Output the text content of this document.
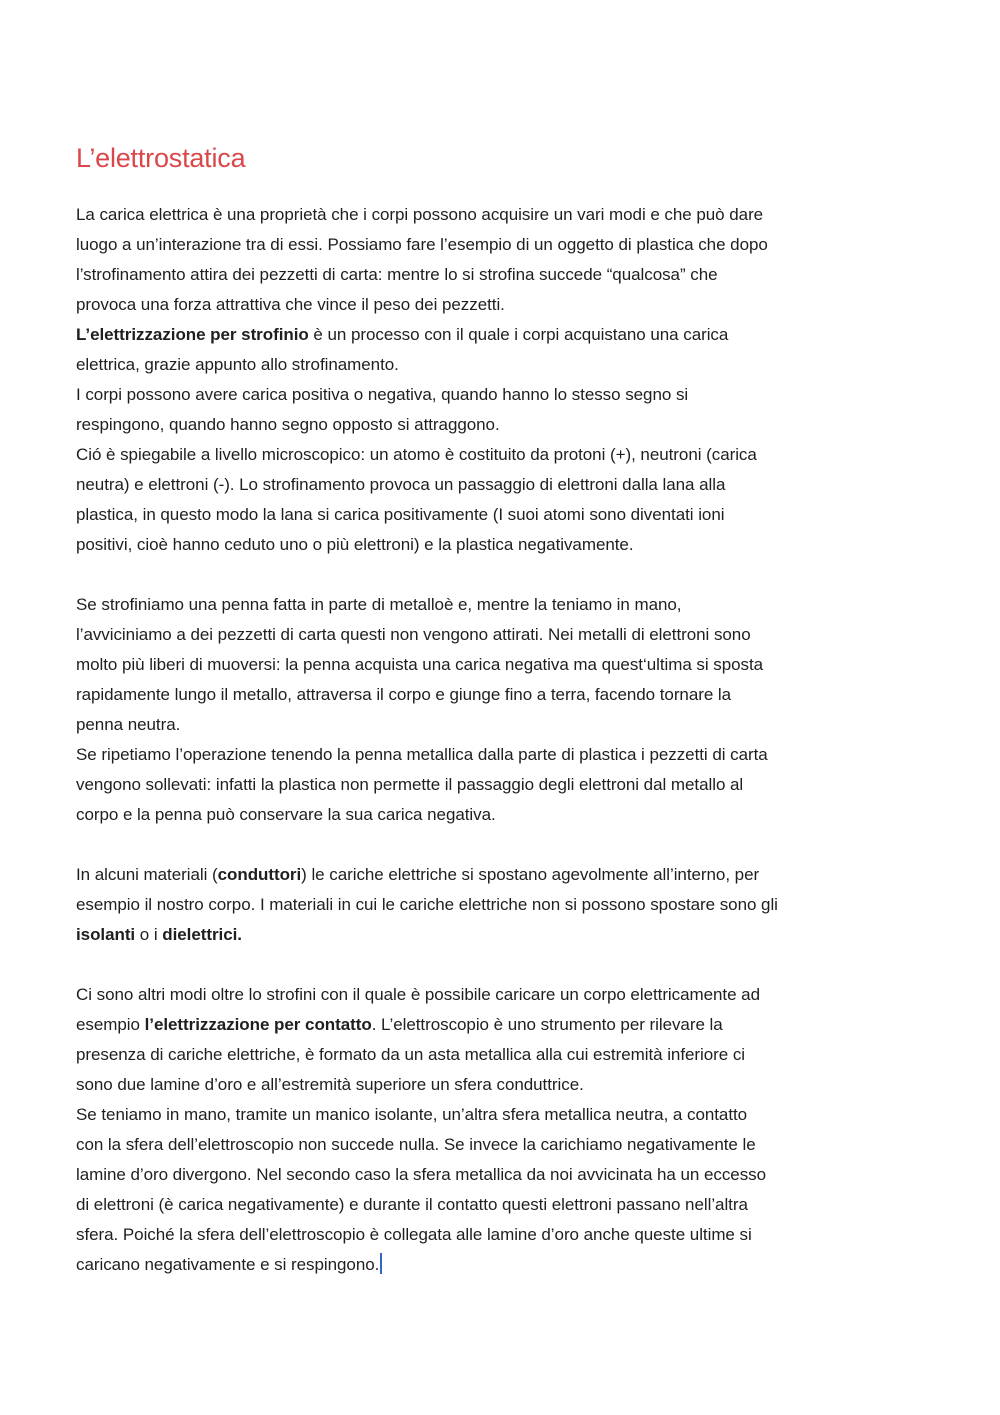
L’elettrostatica
La carica elettrica è una proprietà che i corpi possono acquisire un vari modi e che può dare
luogo a un’interazione tra di essi. Possiamo fare l’esempio di un oggetto di plastica che dopo
l’strofinamento attira dei pezzetti di carta: mentre lo si strofina succede “qualcosa” che
provoca una forza attrattiva che vince il peso dei pezzetti.
L’elettrizzazione per strofinio è un processo con il quale i corpi acquistano una carica
elettrica, grazie appunto allo strofinamento.
I corpi possono avere carica positiva o negativa, quando hanno lo stesso segno si
respingono, quando hanno segno opposto si attraggono.
Ció è spiegabile a livello microscopico: un atomo è costituito da protoni (+), neutroni (carica
neutra) e elettroni (-). Lo strofinamento provoca un passaggio di elettroni dalla lana alla
plastica, in questo modo la lana si carica positivamente (I suoi atomi sono diventati ioni
positivi, cioè hanno ceduto uno o più elettroni) e la plastica negativamente.
Se strofiniamo una penna fatta in parte di metalloè e, mentre la teniamo in mano,
l’avviciniamo a dei pezzetti di carta questi non vengono attirati. Nei metalli di elettroni sono
molto più liberi di muoversi: la penna acquista una carica negativa ma quest‘ultima si sposta
rapidamente lungo il metallo, attraversa il corpo e giunge fino a terra, facendo tornare la
penna neutra.
Se ripetiamo l’operazione tenendo la penna metallica dalla parte di plastica i pezzetti di carta
vengono sollevati: infatti la plastica non permette il passaggio degli elettroni dal metallo al
corpo e la penna può conservare la sua carica negativa.
In alcuni materiali (conduttori) le cariche elettriche si spostano agevolmente all’interno, per
esempio il nostro corpo. I materiali in cui le cariche elettriche non si possono spostare sono gli
isolanti o i dielettrici.
Ci sono altri modi oltre lo strofini con il quale è possibile caricare un corpo elettricamente ad
esempio l’elettrizzazione per contatto. L’elettroscopio è uno strumento per rilevare la
presenza di cariche elettriche, è formato da un asta metallica alla cui estremità inferiore ci
sono due lamine d’oro e all’estremità superiore un sfera conduttrice.
Se teniamo in mano, tramite un manico isolante, un’altra sfera metallica neutra, a contatto
con la sfera dell’elettroscopio non succede nulla. Se invece la carichiamo negativamente le
lamine d’oro divergono. Nel secondo caso la sfera metallica da noi avvicinata ha un eccesso
di elettroni (è carica negativamente) e durante il contatto questi elettroni passano nell’altra
sfera. Poiché la sfera dell’elettroscopio è collegata alle lamine d’oro anche queste ultime si
caricano negativamente e si respingono.
